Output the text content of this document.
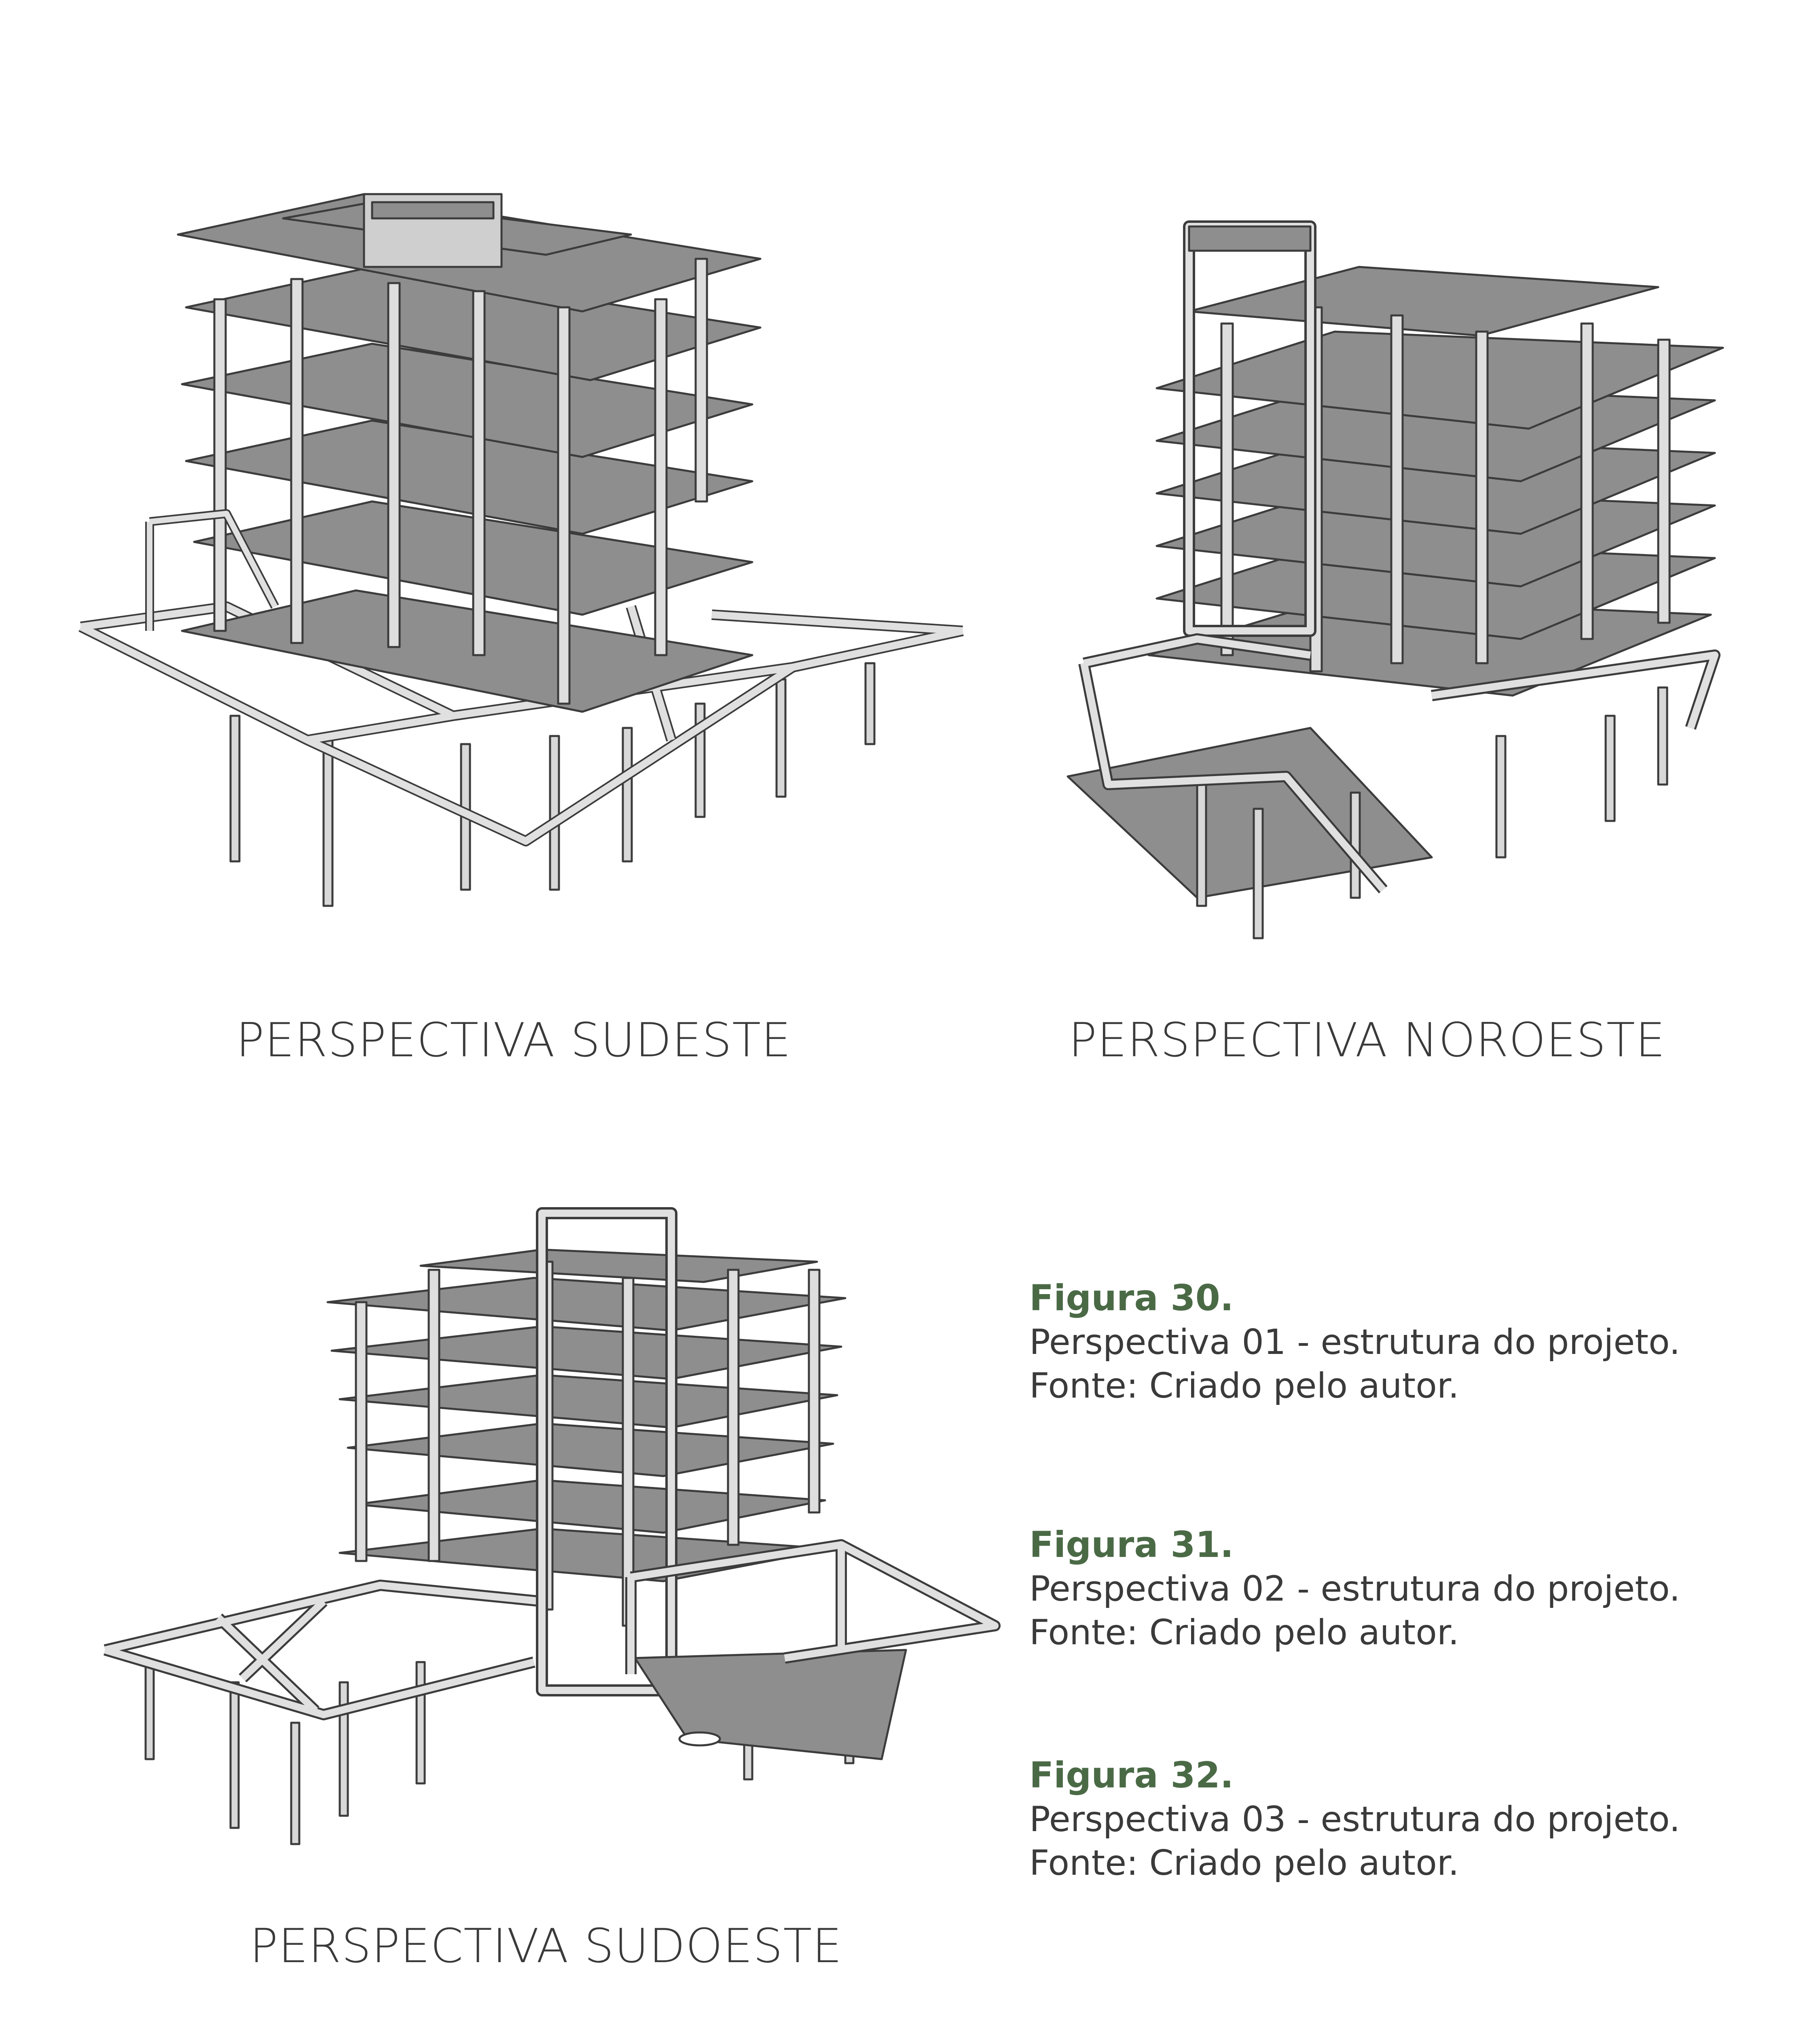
PERSPECTIVA SUDESTE	PERSPECTIVA NOROESTE
PERSPECTIVA SUDOESTE
Figura 30.
Perspectiva 01 - estrutura do projeto.
Fonte: Criado pelo autor.
Figura 31.
Perspectiva 02 - estrutura do projeto.
Fonte: Criado pelo autor.
Figura 32.
Perspectiva 03 - estrutura do projeto.
Fonte: Criado pelo autor.
